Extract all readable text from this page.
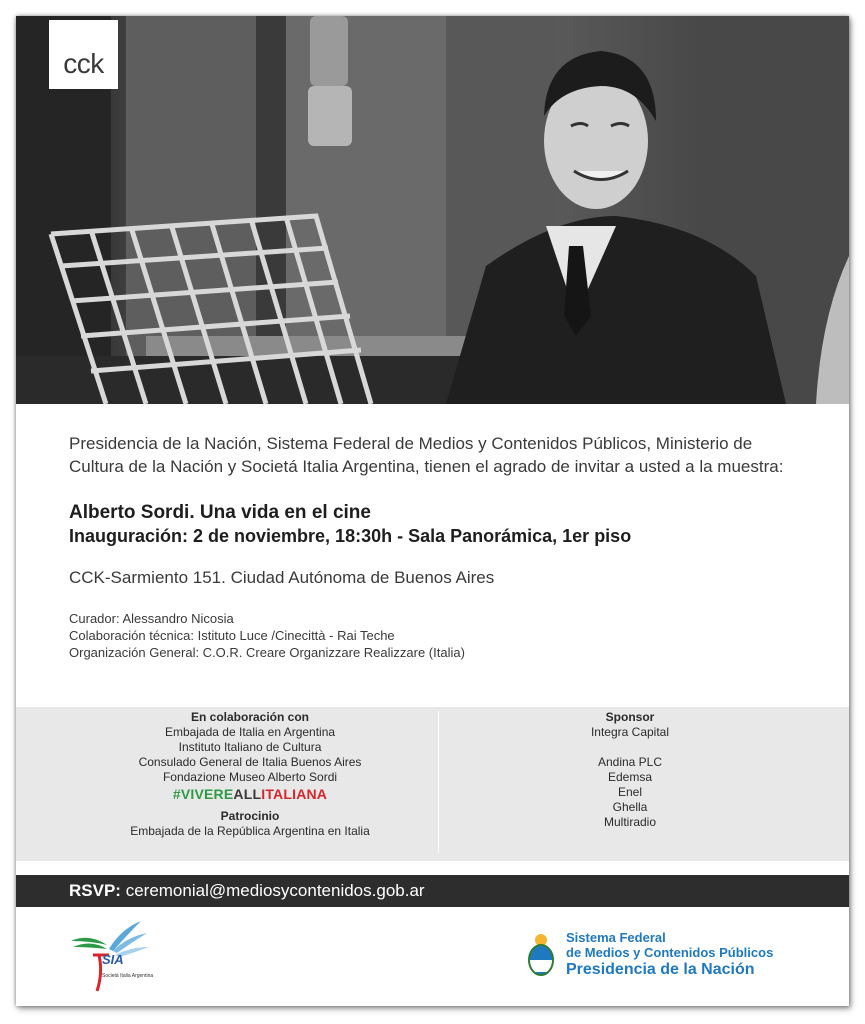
cck

Presidencia de la Nación, Sistema Federal de Medios y Contenidos Públicos, Ministerio de Cultura de la Nación y Societá Italia Argentina, tienen el agrado de invitar a usted a la muestra:

Alberto Sordi. Una vida en el cine
Inauguración: 2 de noviembre, 18:30h - Sala Panorámica, 1er piso
CCK-Sarmiento 151. Ciudad Autónoma de Buenos Aires
Curador: Alessandro Nicosia
Colaboración técnica: Istituto Luce /Cinecittà - Rai Teche
Organización General: C.O.R. Creare Organizzare Realizzare (Italia)
En colaboración con
Embajada de Italia en Argentina
Instituto Italiano de Cultura
Consulado General de Italia Buenos Aires
Fondazione Museo Alberto Sordi
#VIVEREALLITALIANA
Patrocinio
Embajada de la República Argentina en Italia
Sponsor
Integra Capital
Andina PLC
Edemsa
Enel
Ghella
Multiradio
RSVP: ceremonial@mediosycontenidos.gob.ar
SIA
Società Italia Argentina
Sistema Federal
de Medios y Contenidos Públicos
Presidencia de la Nación
